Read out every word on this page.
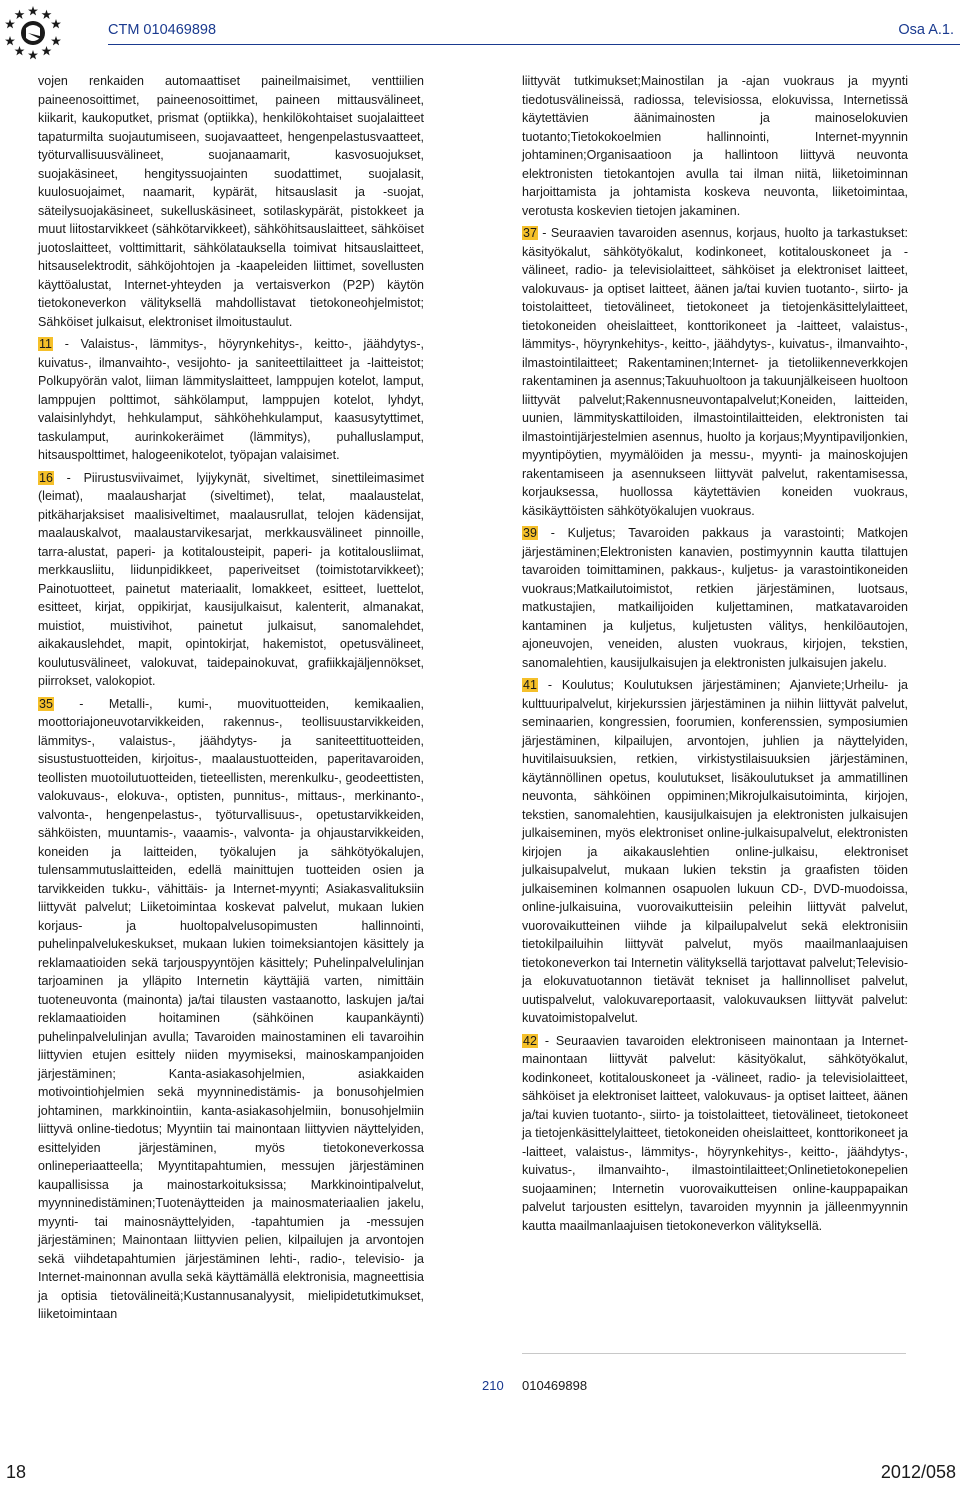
CTM 010469898	Osa A.1.

vojen renkaiden automaattiset paineilmaisimet, venttiilien paineenosoittimet, paineenosoittimet, paineen mittausvälineet, kiikarit, kaukoputket, prismat (optiikka), henkilökohtaiset suojalaitteet tapaturmilta suojautumiseen, suojavaatteet, hengenpelastusvaatteet, työturvallisuusvälineet, suojanaamarit, kasvosuojukset, suojakäsineet, hengityssuojainten suodattimet, suojalasit, kuulosuojaimet, naamarit, kypärät, hitsauslasit ja -suojat, säteilysuojakäsineet, sukelluskäsineet, sotilaskypärät, pistokkeet ja muut liitostarvikkeet (sähkötarvikkeet), sähköhitsauslaitteet, sähköiset juotoslaitteet, volttimittarit, sähkölatauksella toimivat hitsauslaitteet, hitsauselektrodit, sähköjohtojen ja -kaapeleiden liittimet, sovellusten käyttöalustat, Internet-yhteyden ja vertaisverkon (P2P) käytön tietokoneverkon välityksellä mahdollistavat tietokoneohjelmistot; Sähköiset julkaisut, elektroniset ilmoitustaulut.

11 - Valaistus-, lämmitys-, höyrynkehitys-, keitto-, jäähdytys-, kuivatus-, ilmanvaihto-, vesijohto- ja saniteettilaitteet ja -laitteistot; Polkupyörän valot, liiman lämmityslaitteet, lamppujen kotelot, lamput, lamppujen polttimot, sähkölamput, lamppujen kotelot, lyhdyt, valaisinlyhdyt, hehkulamput, sähköhehkulamput, kaasusytyttimet, taskulamput, aurinkokeräimet (lämmitys), puhalluslamput, hitsauspolttimet, halogeenikotelot, työpajan valaisimet.

16 - Piirustusviivaimet, lyijykynät, siveltimet, sinettileimasimet (leimat), maalausharjat (siveltimet), telat, maalaustelat, pitkäharjaksiset maalisiveltimet, maalausrullat, telojen kädensijat, maalauskalvot, maalaustarvikesarjat, merkkausvälineet pinnoille, tarra-alustat, paperi- ja kotitalousteipit, paperi- ja kotitalousliimat, merkkausliitu, liidunpidikkeet, paperiveitset (toimistotarvikkeet); Painotuotteet, painetut materiaalit, lomakkeet, esitteet, luettelot, esitteet, kirjat, oppikirjat, kausijulkaisut, kalenterit, almanakat, muistiot, muistivihot, painetut julkaisut, sanomalehdet, aikakauslehdet, mapit, opintokirjat, hakemistot, opetusvälineet, koulutusvälineet, valokuvat, taidepainokuvat, grafiikkajäljennökset, piirrokset, valokopiot.

35 - Metalli-, kumi-, muovituotteiden, kemikaalien, moottoriajoneuvotarvikkeiden, rakennus-, teollisuustarvikkeiden, lämmitys-, valaistus-, jäähdytys- ja saniteettituotteiden, sisustustuotteiden, kirjoitus-, maalaustuotteiden, paperitavaroiden, teollisten muotoilutuotteiden, tieteellisten, merenkulku-, geodeettisten, valokuvaus-, elokuva-, optisten, punnitus-, mittaus-, merkinanto-, valvonta-, hengenpelastus-, työturvallisuus-, opetustarvikkeiden, sähköisten, muuntamis-, vaaamis-, valvonta- ja ohjaustarvikkeiden, koneiden ja laitteiden, työkalujen ja sähkötyökalujen, tulensammutuslaitteiden, edellä mainittujen tuotteiden osien ja tarvikkeiden tukku-, vähittäis- ja Internet-myynti; Asiakasvalituksiin liittyvät palvelut; Liiketoimintaa koskevat palvelut, mukaan lukien korjaus- ja huoltopalvelusopimusten hallinnointi, puhelinpalvelukeskukset, mukaan lukien toimeksiantojen käsittely ja reklamaatioiden sekä tarjouspyyntöjen käsittely; Puhelinpalvelulinjan tarjoaminen ja ylläpito Internetin käyttäjiä varten, nimittäin tuoteneuvonta (mainonta) ja/tai tilausten vastaanotto, laskujen ja/tai reklamaatioiden hoitaminen (sähköinen kaupankäynti) puhelinpalvelulinjan avulla; Tavaroiden mainostaminen eli tavaroihin liittyvien etujen esittely niiden myymiseksi, mainoskampanjoiden järjestäminen; Kanta-asiakasohjelmien, asiakkaiden motivointiohjelmien sekä myynninedistämis- ja bonusohjelmien johtaminen, markkinointiin, kanta-asiakasohjelmiin, bonusohjelmiin liittyvä online-tiedotus; Myyntiin tai mainontaan liittyvien näyttelyiden, esittelyiden järjestäminen, myös tietokoneverkossa onlineperiaatteella; Myyntitapahtumien, messujen järjestäminen kaupallisissa ja mainostarkoituksissa; Markkinointipalvelut, myynninedistäminen;Tuotenäytteiden ja mainosmateriaalien jakelu, myynti- tai mainosnäyttelyiden, -tapahtumien ja -messujen järjestäminen; Mainontaan liittyvien pelien, kilpailujen ja arvontojen sekä viihdetapahtumien järjestäminen lehti-, radio-, televisio- ja Internet-mainonnan avulla sekä käyttämällä elektronisia, magneettisia ja optisia tietovälineitä;Kustannusanalyysit, mielipidetutkimukset, liiketoimintaan

liittyvät tutkimukset;Mainostilan ja -ajan vuokraus ja myynti tiedotusvälineissä, radiossa, televisiossa, elokuvissa, Internetissä käytettävien äänimainosten ja mainoselokuvien tuotanto;Tietokokoelmien hallinnointi, Internet-myynnin johtaminen;Organisaatioon ja hallintoon liittyvä neuvonta elektronisten tietokantojen avulla tai ilman niitä, liiketoiminnan harjoittamista ja johtamista koskeva neuvonta, liiketoimintaa, verotusta koskevien tietojen jakaminen.

37 - Seuraavien tavaroiden asennus, korjaus, huolto ja tarkastukset: käsityökalut, sähkötyökalut, kodinkoneet, kotitalouskoneet ja -välineet, radio- ja televisiolaitteet, sähköiset ja elektroniset laitteet, valokuvaus- ja optiset laitteet, äänen ja/tai kuvien tuotanto-, siirto- ja toistolaitteet, tietovälineet, tietokoneet ja tietojenkäsittelylaitteet, tietokoneiden oheislaitteet, konttorikoneet ja -laitteet, valaistus-, lämmitys-, höyrynkehitys-, keitto-, jäähdytys-, kuivatus-, ilmanvaihto-, ilmastointilaitteet; Rakentaminen;Internet- ja tietoliikenneverkkojen rakentaminen ja asennus;Takuuhuoltoon ja takuunjälkeiseen huoltoon liittyvät palvelut;Rakennusneuvontapalvelut;Koneiden, laitteiden, uunien, lämmityskattiloiden, ilmastointilaitteiden, elektronisten tai ilmastointijärjestelmien asennus, huolto ja korjaus;Myyntipaviljonkien, myyntipöytien, myymälöiden ja messu-, myynti- ja mainoskojujen rakentamiseen ja asennukseen liittyvät palvelut, rakentamisessa, korjauksessa, huollossa käytettävien koneiden vuokraus, käsikäyttöisten sähkötyökalujen vuokraus.

39 - Kuljetus; Tavaroiden pakkaus ja varastointi; Matkojen järjestäminen;Elektronisten kanavien, postimyynnin kautta tilattujen tavaroiden toimittaminen, pakkaus-, kuljetus- ja varastointikoneiden vuokraus;Matkailutoimistot, retkien järjestäminen, luotsaus, matkustajien, matkailijoiden kuljettaminen, matkatavaroiden kantaminen ja kuljetus, kuljetusten välitys, henkilöautojen, ajoneuvojen, veneiden, alusten vuokraus, kirjojen, tekstien, sanomalehtien, kausijulkaisujen ja elektronisten julkaisujen jakelu.

41 - Koulutus; Koulutuksen järjestäminen; Ajanviete;Urheilu- ja kulttuuripalvelut, kirjekurssien järjestäminen ja niihin liittyvät palvelut, seminaarien, kongressien, foorumien, konferenssien, symposiumien järjestäminen, kilpailujen, arvontojen, juhlien ja näyttelyiden, huvitilaisuuksien, retkien, virkistystilaisuuksien järjestäminen, käytännöllinen opetus, koulutukset, lisäkoulutukset ja ammatillinen neuvonta, sähköinen oppiminen;Mikrojulkaisutoiminta, kirjojen, tekstien, sanomalehtien, kausijulkaisujen ja elektronisten julkaisujen julkaiseminen, myös elektroniset online-julkaisupalvelut, elektronisten kirjojen ja aikakauslehtien online-julkaisu, elektroniset julkaisupalvelut, mukaan lukien tekstin ja graafisten töiden julkaiseminen kolmannen osapuolen lukuun CD-, DVD-muodoissa, online-julkaisuina, vuorovaikutteisiin peleihin liittyvät palvelut, vuorovaikutteinen viihde ja kilpailupalvelut sekä elektronisiin tietokilpailuihin liittyvät palvelut, myös maailmanlaajuisen tietokoneverkon tai Internetin välityksellä tarjottavat palvelut;Televisio- ja elokuvatuotannon tietävät tekniset ja hallinnolliset palvelut, uutispalvelut, valokuvareportaasit, valokuvauksen liittyvät palvelut: kuvatoimistopalvelut.

42 - Seuraavien tavaroiden elektroniseen mainontaan ja Internet-mainontaan liittyvät palvelut: käsityökalut, sähkötyökalut, kodinkoneet, kotitalouskoneet ja -välineet, radio- ja televisiolaitteet, sähköiset ja elektroniset laitteet, valokuvaus- ja optiset laitteet, äänen ja/tai kuvien tuotanto-, siirto- ja toistolaitteet, tietovälineet, tietokoneet ja tietojenkäsittelylaitteet, tietokoneiden oheislaitteet, konttorikoneet ja -laitteet, valaistus-, lämmitys-, höyrynkehitys-, keitto-, jäähdytys-, kuivatus-, ilmanvaihto-, ilmastointilaitteet;Onlinetietokonepelien suojaaminen; Internetin vuorovaikutteisen online-kauppapaikan palvelut tarjousten esittelyn, tavaroiden myynnin ja jälleenmyynnin kautta maailmanlaajuisen tietokoneverkon välityksellä.

210 010469898
18	2012/058
